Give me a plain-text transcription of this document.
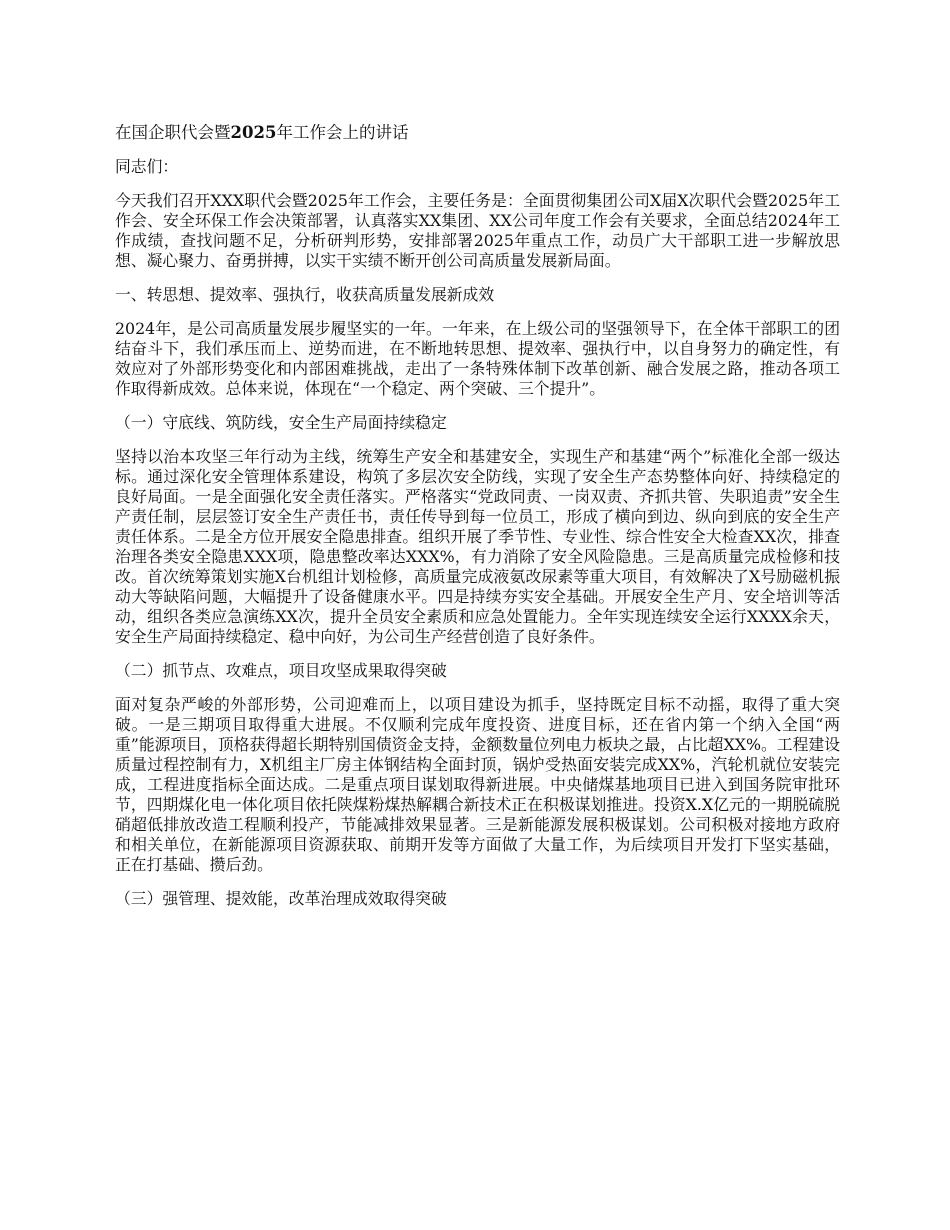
在国企职代会暨2025年工作会上的讲话

同志们：

今天我们召开XXX职代会暨2025年工作会，主要任务是：全面贯彻集团公司X届X次职代会暨2025年工作会、安全环保工作会决策部署，认真落实XX集团、XX公司年度工作会有关要求，全面总结2024年工作成绩，查找问题不足，分析研判形势，安排部署2025年重点工作，动员广大干部职工进一步解放思想、凝心聚力、奋勇拼搏，以实干实绩不断开创公司高质量发展新局面。

一、转思想、提效率、强执行，收获高质量发展新成效

2024年，是公司高质量发展步履坚实的一年。一年来，在上级公司的坚强领导下，在全体干部职工的团结奋斗下，我们承压而上、逆势而进，在不断地转思想、提效率、强执行中，以自身努力的确定性，有效应对了外部形势变化和内部困难挑战，走出了一条特殊体制下改革创新、融合发展之路，推动各项工作取得新成效。总体来说，体现在“一个稳定、两个突破、三个提升”。

（一）守底线、筑防线，安全生产局面持续稳定

坚持以治本攻坚三年行动为主线，统筹生产安全和基建安全，实现生产和基建“两个”标准化全部一级达标。通过深化安全管理体系建设，构筑了多层次安全防线，实现了安全生产态势整体向好、持续稳定的良好局面。一是全面强化安全责任落实。严格落实“党政同责、一岗双责、齐抓共管、失职追责”安全生产责任制，层层签订安全生产责任书，责任传导到每一位员工，形成了横向到边、纵向到底的安全生产责任体系。二是全方位开展安全隐患排查。组织开展了季节性、专业性、综合性安全大检查XX次，排查治理各类安全隐患XXX项，隐患整改率达XXX%，有力消除了安全风险隐患。三是高质量完成检修和技改。首次统筹策划实施X台机组计划检修，高质量完成液氨改尿素等重大项目，有效解决了X号励磁机振动大等缺陷问题，大幅提升了设备健康水平。四是持续夯实安全基础。开展安全生产月、安全培训等活动，组织各类应急演练XX次，提升全员安全素质和应急处置能力。全年实现连续安全运行XXXX余天，安全生产局面持续稳定、稳中向好，为公司生产经营创造了良好条件。

（二）抓节点、攻难点，项目攻坚成果取得突破

面对复杂严峻的外部形势，公司迎难而上，以项目建设为抓手，坚持既定目标不动摇，取得了重大突破。一是三期项目取得重大进展。不仅顺利完成年度投资、进度目标，还在省内第一个纳入全国“两重”能源项目，顶格获得超长期特别国债资金支持，金额数量位列电力板块之最，占比超XX%。工程建设质量过程控制有力，X机组主厂房主体钢结构全面封顶，锅炉受热面安装完成XX%，汽轮机就位安装完成，工程进度指标全面达成。二是重点项目谋划取得新进展。中央储煤基地项目已进入到国务院审批环节，四期煤化电一体化项目依托陕煤粉煤热解耦合新技术正在积极谋划推进。投资X.X亿元的一期脱硫脱硝超低排放改造工程顺利投产，节能减排效果显著。三是新能源发展积极谋划。公司积极对接地方政府和相关单位，在新能源项目资源获取、前期开发等方面做了大量工作，为后续项目开发打下坚实基础，正在打基础、攒后劲。

（三）强管理、提效能，改革治理成效取得突破
